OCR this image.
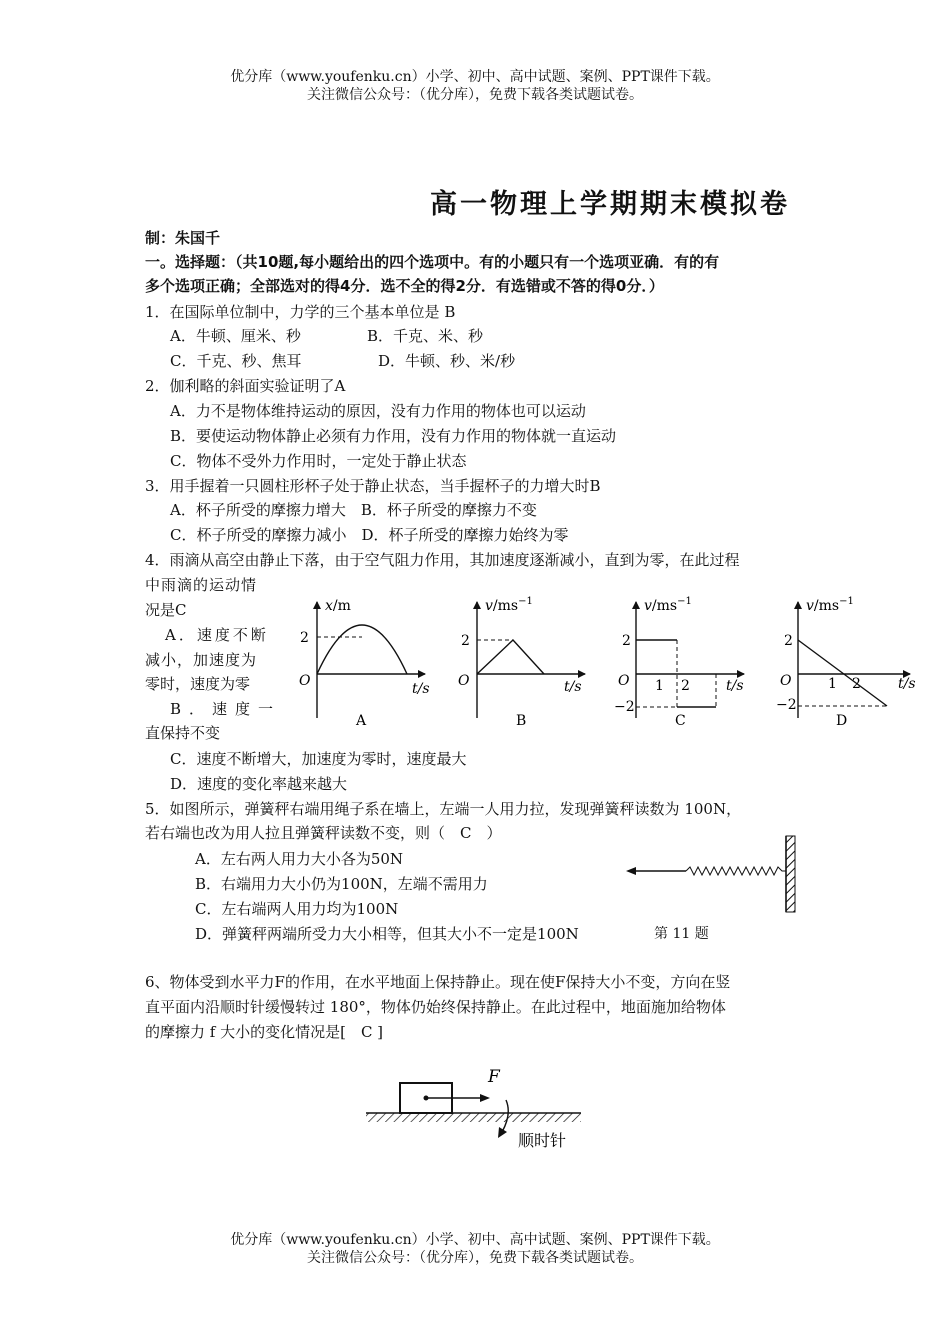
优分库（www.youfenku.cn）小学、初中、高中试题、案例、PPT课件下载。
关注微信公众号：（优分库），免费下载各类试题试卷。
高一物理上学期期末模拟卷
制：朱国千
一。选择题：（共10题,每小题给出的四个选项中。有的小题只有一个选项亚确．有的有
多个选项正确；全部选对的得4分．选不全的得2分．有选错或不答的得0分．）
1．在国际单位制中，力学的三个基本单位是 B
A．牛顿、厘米、秒	B．千克、米、秒
C．千克、秒、焦耳	D．牛顿、秒、米/秒
2．伽利略的斜面实验证明了A
A．力不是物体维持运动的原因，没有力作用的物体也可以运动
B．要使运动物体静止必须有力作用，没有力作用的物体就一直运动
C．物体不受外力作用时，一定处于静止状态
3．用手握着一只圆柱形杯子处于静止状态，当手握杯子的力增大时B
A．杯子所受的摩擦力增大　B．杯子所受的摩擦力不变
C．杯子所受的摩擦力减小　D．杯子所受的摩擦力始终为零
4．雨滴从高空由静止下落，由于空气阻力作用，其加速度逐渐减小，直到为零，在此过程
中雨滴的运动情
况是C
A．速度不断
减小，加速度为
零时，速度为零
B．速度一
直保持不变
C．速度不断增大，加速度为零时，速度最大
D．速度的变化率越来越大
x/m
2
O	t/s
A
$v/ms^{-1}$
2
O	t/s
B
$v/ms^{-1}$
2
−2
O 1 2	t/s
C
$v/ms^{-1}$
2
−2
O	1 2	t/s
D
5．如图所示，弹簧秤右端用绳子系在墙上，左端一人用力拉，发现弹簧秤读数为 100N，
若右端也改为用人拉且弹簧秤读数不变，则（　C　）
A．左右两人用力大小各为50N
B．右端用力大小仍为100N，左端不需用力
C．左右端两人用力均为100N
D．弹簧秤两端所受力大小相等，但其大小不一定是100N	第 11 题
6、物体受到水平力F的作用，在水平地面上保持静止。现在使F保持大小不变，方向在竖
直平面内沿顺时针缓慢转过 180°，物体仍始终保持静止。在此过程中，地面施加给物体
的摩擦力 f 大小的变化情况是[　C ]
F
顺时针
优分库（www.youfenku.cn）小学、初中、高中试题、案例、PPT课件下载。
关注微信公众号：（优分库），免费下载各类试题试卷。
